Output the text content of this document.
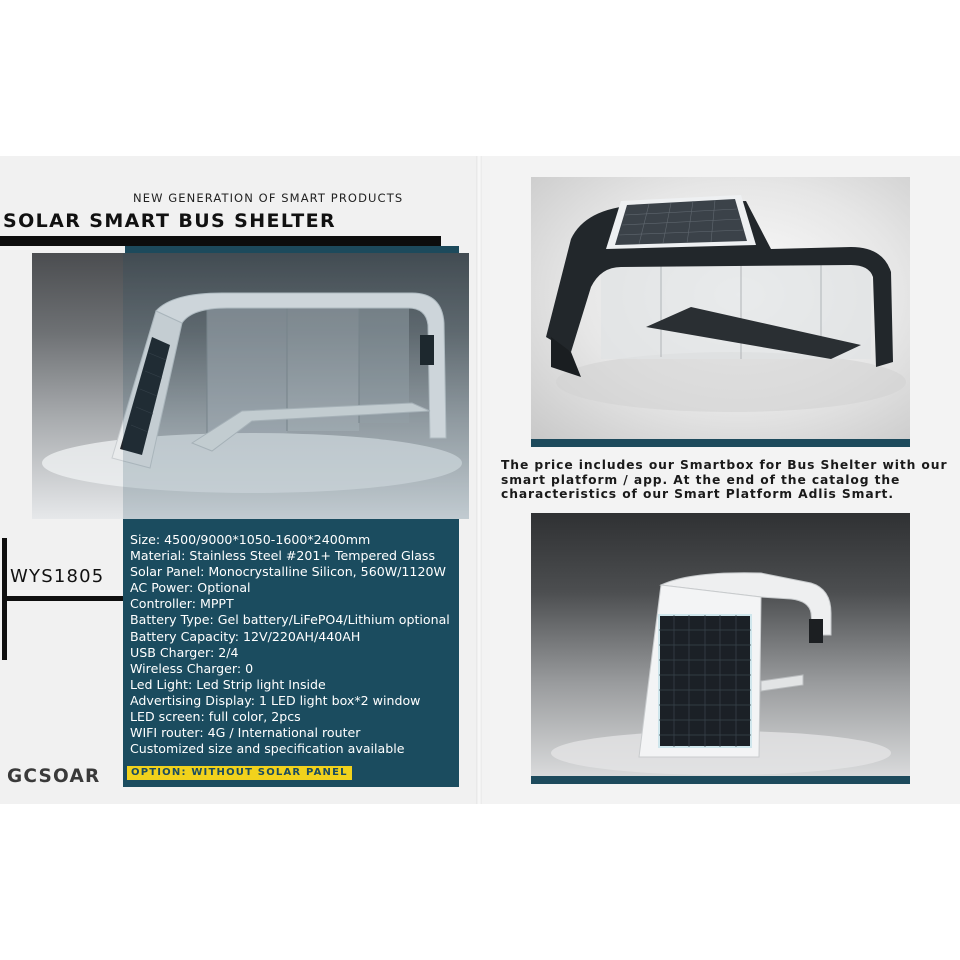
NEW GENERATION OF SMART PRODUCTS
SOLAR SMART BUS SHELTER
Size: 4500/9000*1050-1600*2400mm
Material: Stainless Steel #201+ Tempered Glass
Solar Panel: Monocrystalline Silicon, 560W/1120W
AC Power: Optional
Controller: MPPT
Battery Type: Gel battery/LiFePO4/Lithium optional
Battery Capacity: 12V/220AH/440AH
USB Charger: 2/4
Wireless Charger: 0
Led Light: Led Strip light Inside
Advertising Display: 1 LED light box*2 window
LED screen: full color, 2pcs
WIFI router: 4G / International router
Customized size and specification available
WYS1805
GCSOAR	OPTION: WITHOUT SOLAR PANEL

The price includes our Smartbox for Bus Shelter with our smart platform / app. At the end of the catalog the characteristics of our Smart Platform Adlis Smart.
